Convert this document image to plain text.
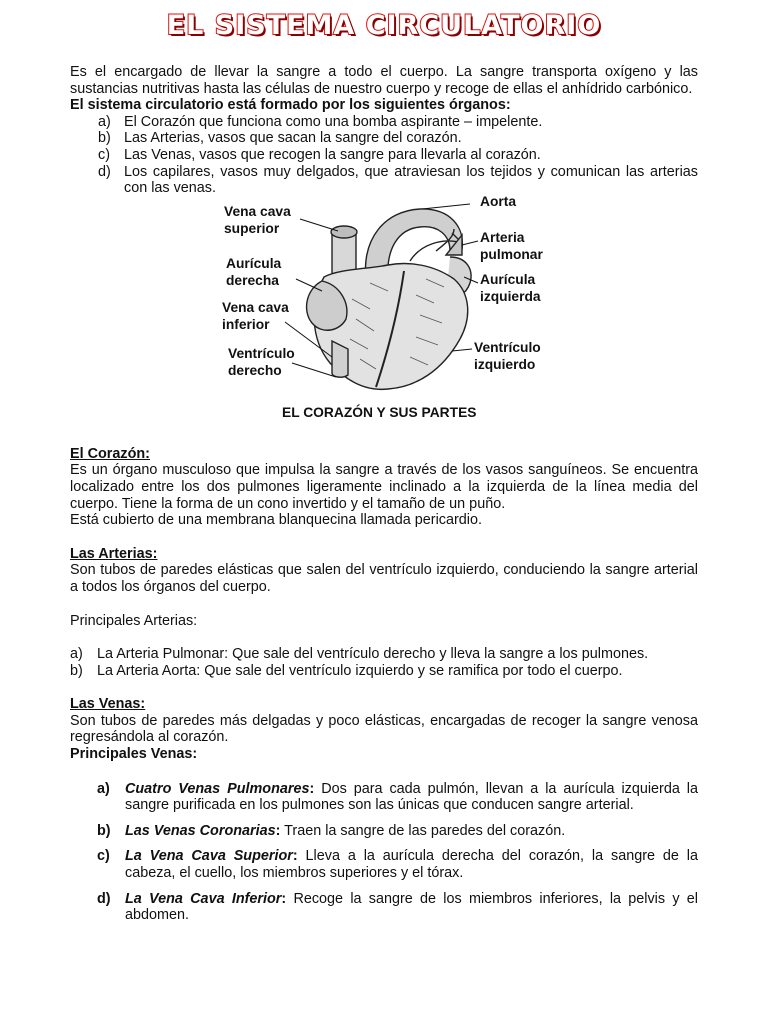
EL SISTEMA CIRCULATORIO

Es el encargado de llevar la sangre a todo el cuerpo. La sangre transporta oxígeno y las sustancias nutritivas hasta las células de nuestro cuerpo y recoge de ellas el anhídrido carbónico.

El sistema circulatorio está formado por los siguientes órganos:

a) El Corazón que funciona como una bomba aspirante – impelente.
b) Las Arterias, vasos que sacan la sangre del corazón.
c) Las Venas, vasos que recogen la sangre para llevarla al corazón.
d) Los capilares, vasos muy delgados, que atraviesan los tejidos y comunican las arterias con las venas.
Vena cava superior
Aurícula derecha
Vena cava inferior
Ventrículo derecho
Aorta
Arteria pulmonar
Aurícula izquierda
Ventrículo izquierdo
EL CORAZÓN Y SUS PARTES

El Corazón:

Es un órgano musculoso que impulsa la sangre a través de los vasos sanguíneos. Se encuentra localizado entre los dos pulmones ligeramente inclinado a la izquierda de la línea media del cuerpo. Tiene la forma de un cono invertido y el tamaño de un puño.

Está cubierto de una membrana blanquecina llamada pericardio.

Las Arterias:

Son tubos de paredes elásticas que salen del ventrículo izquierdo, conduciendo la sangre arterial a todos los órganos del cuerpo.

Principales Arterias:

a) La Arteria Pulmonar: Que sale del ventrículo derecho y lleva la sangre a los pulmones.
b) La Arteria Aorta: Que sale del ventrículo izquierdo y se ramifica por todo el cuerpo.

Las Venas:

Son tubos de paredes más delgadas y poco elásticas, encargadas de recoger la sangre venosa regresándola al corazón.

Principales Venas:

a) Cuatro Venas Pulmonares: Dos para cada pulmón, llevan a la aurícula izquierda la sangre purificada en los pulmones son las únicas que conducen sangre arterial.
b) Las Venas Coronarias: Traen la sangre de las paredes del corazón.
c) La Vena Cava Superior: Lleva a la aurícula derecha del corazón, la sangre de la cabeza, el cuello, los miembros superiores y el tórax.
d) La Vena Cava Inferior: Recoge la sangre de los miembros inferiores, la pelvis y el abdomen.
